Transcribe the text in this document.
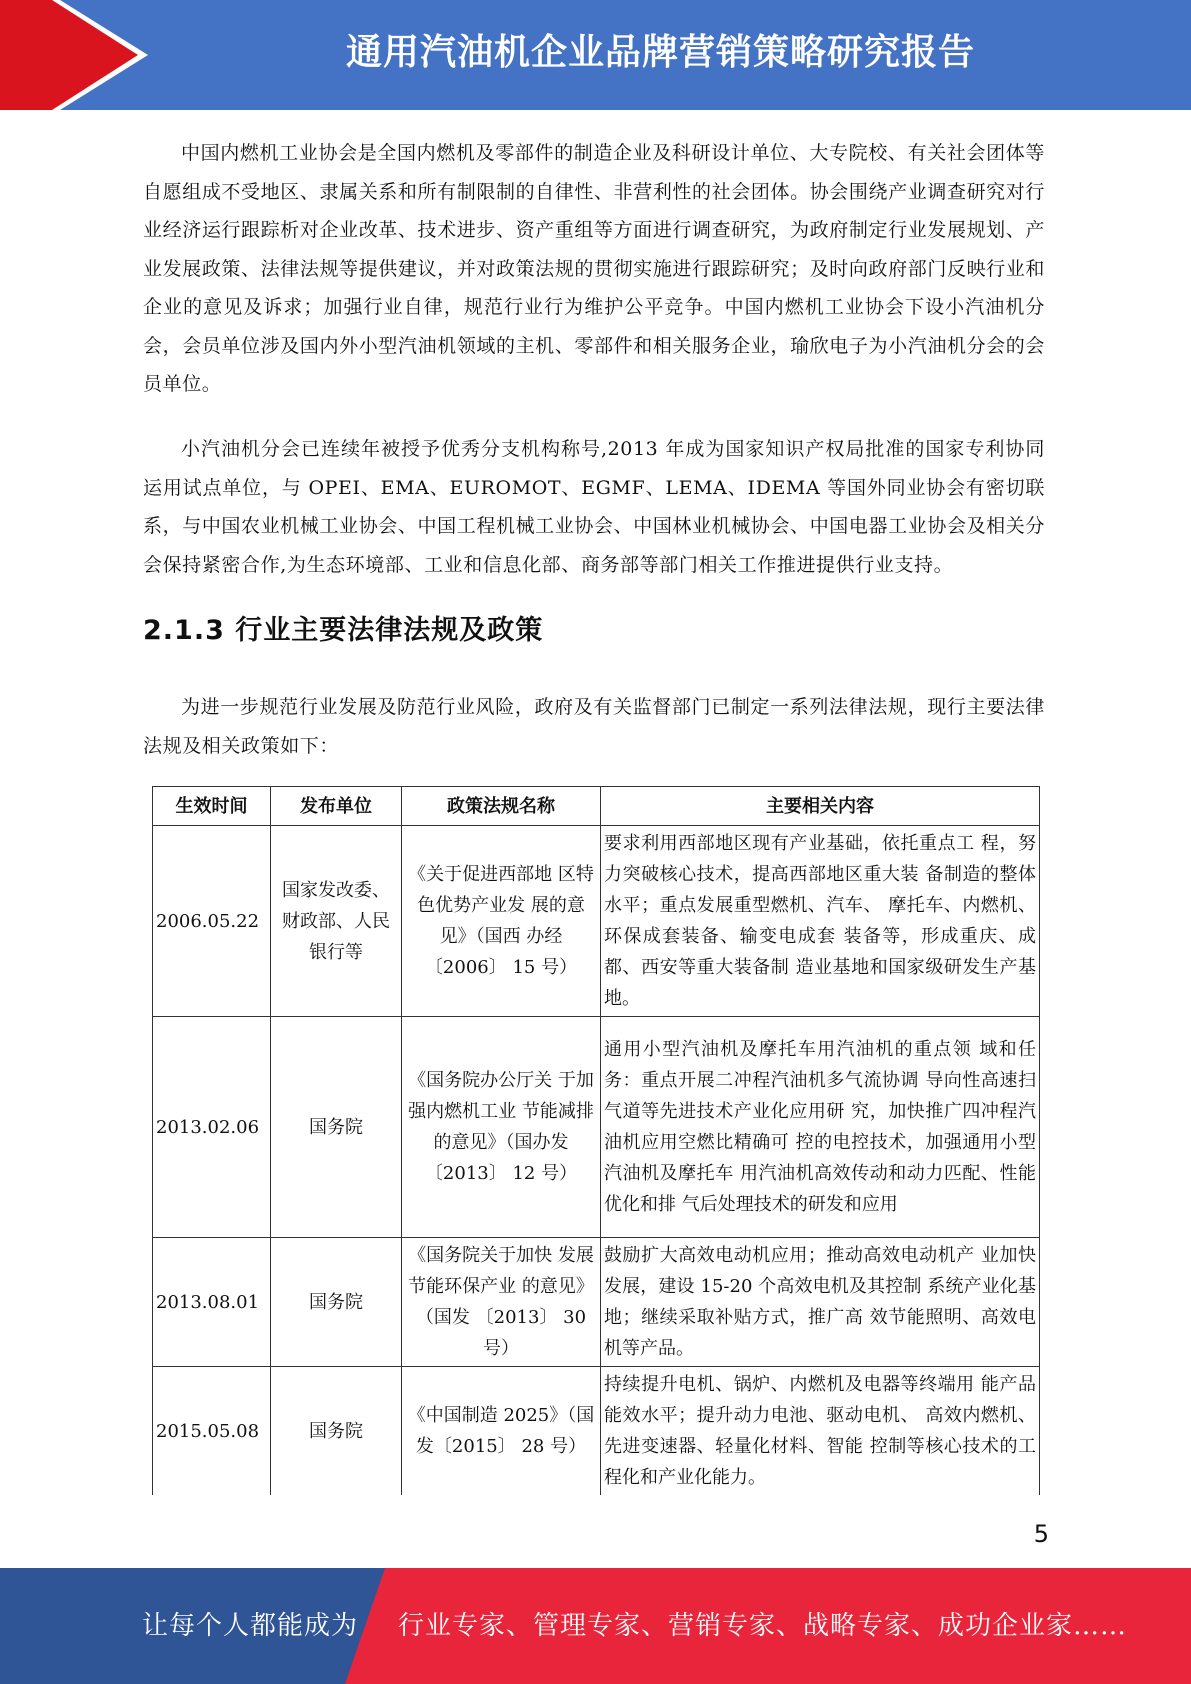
通用汽油机企业品牌营销策略研究报告

中国内燃机工业协会是全国内燃机及零部件的制造企业及科研设计单位、大专院校、有关社会团体等自愿组成不受地区、隶属关系和所有制限制的自律性、非营利性的社会团体。协会围绕产业调查研究对行业经济运行跟踪析对企业改革、技术进步、资产重组等方面进行调查研究，为政府制定行业发展规划、产业发展政策、法律法规等提供建议，并对政策法规的贯彻实施进行跟踪研究；及时向政府部门反映行业和企业的意见及诉求；加强行业自律，规范行业行为维护公平竞争。中国内燃机工业协会下设小汽油机分会，会员单位涉及国内外小型汽油机领域的主机、零部件和相关服务企业，瑜欣电子为小汽油机分会的会员单位。

小汽油机分会已连续年被授予优秀分支机构称号,2013 年成为国家知识产权局批准的国家专利协同运用试点单位，与 OPEI、EMA、EUROMOT、EGMF、LEMA、IDEMA 等国外同业协会有密切联系，与中国农业机械工业协会、中国工程机械工业协会、中国林业机械协会、中国电器工业协会及相关分会保持紧密合作,为生态环境部、工业和信息化部、商务部等部门相关工作推进提供行业支持。

2.1.3 行业主要法律法规及政策

为进一步规范行业发展及防范行业风险，政府及有关监督部门已制定一系列法律法规，现行主要法律法规及相关政策如下：

生效时间	发布单位	政策法规名称	主要相关内容
2006.05.22	国家发改委、财政部、人民银行等	《关于促进西部地 区特色优势产业发 展的意见》（国西 办经〔2006〕 15 号）	要求利用西部地区现有产业基础，依托重点工 程，努力突破核心技术，提高西部地区重大装 备制造的整体水平；重点发展重型燃机、汽车、 摩托车、内燃机、环保成套装备、输变电成套 装备等，形成重庆、成都、西安等重大装备制 造业基地和国家级研发生产基地。
2013.02.06	国务院	《国务院办公厅关 于加强内燃机工业 节能减排的意见》（国办发〔2013〕 12 号）	通用小型汽油机及摩托车用汽油机的重点领 域和任务：重点开展二冲程汽油机多气流协调 导向性高速扫气道等先进技术产业化应用研 究，加快推广四冲程汽油机应用空燃比精确可 控的电控技术，加强通用小型汽油机及摩托车 用汽油机高效传动和动力匹配、性能优化和排 气后处理技术的研发和应用
2013.08.01	国务院	《国务院关于加快 发展节能环保产业 的意见》（国发 〔2013〕 30 号）	鼓励扩大高效电动机应用；推动高效电动机产 业加快发展，建设 15-20 个高效电机及其控制 系统产业化基地；继续采取补贴方式，推广高 效节能照明、高效电机等产品。
2015.05.08	国务院	《中国制造 2025》（国发〔2015〕 28 号）	持续提升电机、锅炉、内燃机及电器等终端用 能产品能效水平；提升动力电池、驱动电机、 高效内燃机、先进变速器、轻量化材料、智能 控制等核心技术的工程化和产业化能力。
5
让每个人都能成为 行业专家、管理专家、营销专家、战略专家、成功企业家……
